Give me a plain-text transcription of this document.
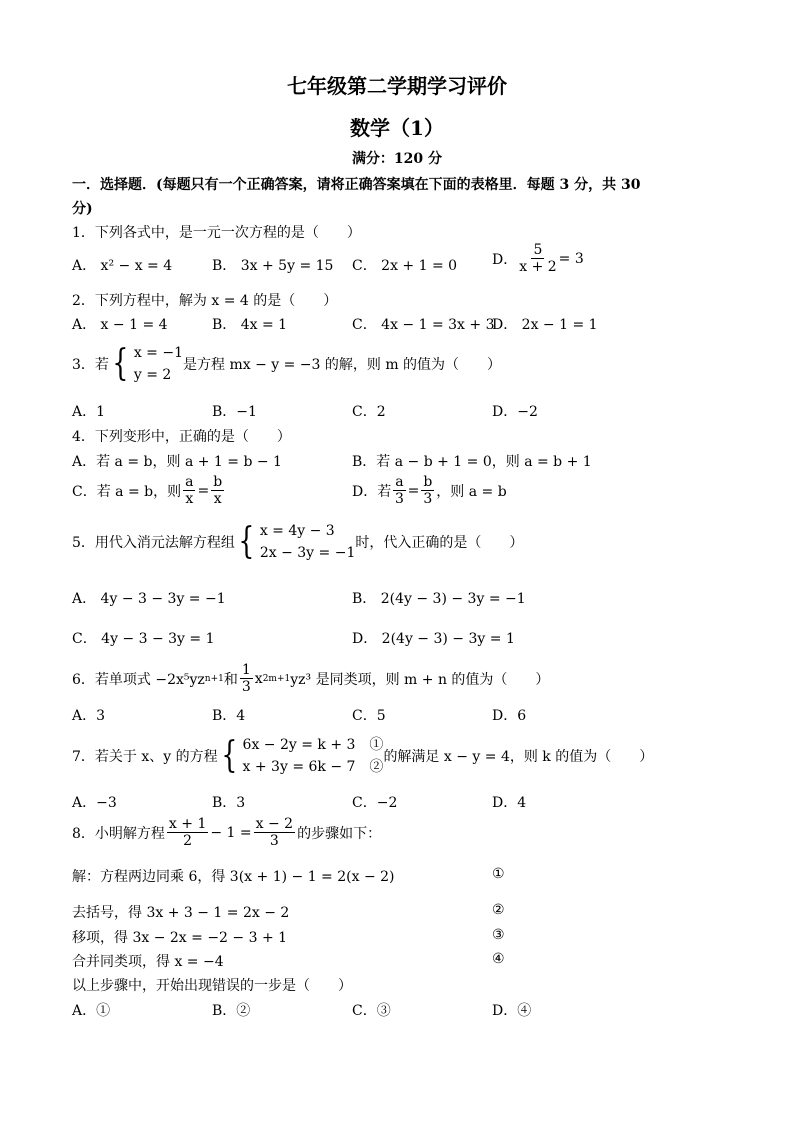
七年级第二学期学习评价
数学（1）
满分：120 分
一．选择题．(每题只有一个正确答案，请将正确答案填在下面的表格里．每题 3 分，共 30
分)
1．下列各式中，是一元一次方程的是（　　）
A． x² − x = 4	B． 3x + 5y = 15 C． 2x + 1 = 0 D． $\frac{5}{x + 2} = 3$
2．下列方程中，解为 x = 4 的是（　　）
A． x − 1 = 4	B． 4x = 1	C． 4x − 1 = 3x + 3
D． 2x − 1 = 1
3．若 { x = −1
y = 2
是方程 mx − y = −3 的解，则 m 的值为（　　）
A．1	B．−1	C．2	D．−2
4．下列变形中，正确的是（　　）
A．若 a = b，则 a + 1 = b − 1	B．若 a − b + 1 = 0，则 a = b + 1
C．若 a = b，则 $\frac{a}{x} = \frac{b}{x}$	D．若 $\frac{a}{3} = \frac{b}{3}$ ，则 a = b
5．用代入消元法解方程组 { x = 4y − 3
2x − 3y = −1
时，代入正确的是（　　）
A． 4y − 3 − 3y = −1	B． 2(4y − 3) − 3y = −1
C． 4y − 3 − 3y = 1	D． 2(4y − 3) − 3y = 1
6．若单项式 −2x⁵yz n+1 和 $\frac{1}{3}$ x 2m+1 yz³ 是同类项，则 m + n 的值为（　　）
A．3	B．4	C．5	D．6
7．若关于 x、y 的方程 { 6x − 2y = k + 3　①
x + 3y = 6k − 7　②
的解满足 x − y = 4，则 k 的值为（　　）
A．−3	B．3	C．−2	D．4
8．小明解方程 $\frac{x + 1}{2} - 1 = \frac{x - 2}{3}$ 的步骤如下：
解：方程两边同乘 6，得 3(x + 1) − 1 = 2(x − 2)	①
去括号，得 3x + 3 − 1 = 2x − 2	②
移项，得 3x − 2x = −2 − 3 + 1	③
合并同类项，得 x = −4	④
以上步骤中，开始出现错误的一步是（　　）
A．①	B．②	C．③	D．④
